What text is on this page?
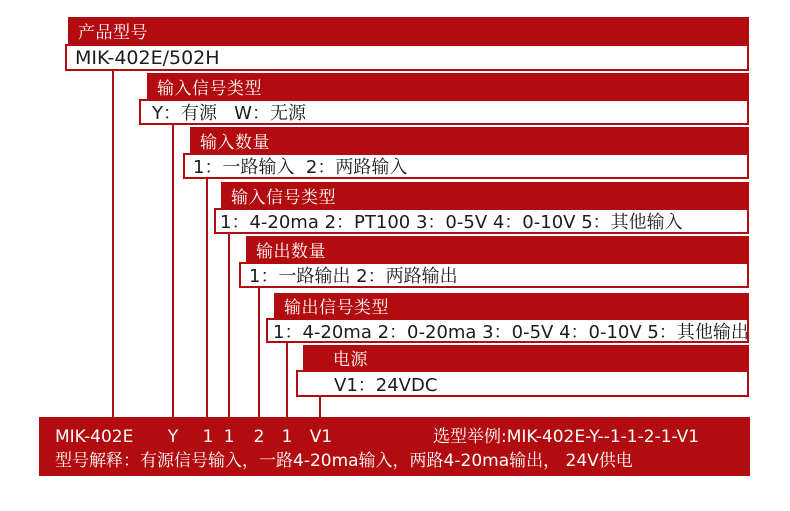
产品型号
MIK-402E/502H
输入信号类型
Y：有源   W：无源
输入数量
1：一路输入  2：两路输入
输入信号类型
1：4-20ma 2：PT100 3：0-5V 4：0-10V 5：其他输入
输出数量
1：一路输出 2：两路输出
输出信号类型
1：4-20ma 2：0-20ma 3：0-5V 4：0-10V 5：其他输出
电源
V1：24VDC
MIK-402E	Y	1 1	2	1	V1	选型举例:MIK-402E-Y--1-1-2-1-V1
型号解释：有源信号输入，一路4-20ma输入，两路4-20ma输出， 24V供电
